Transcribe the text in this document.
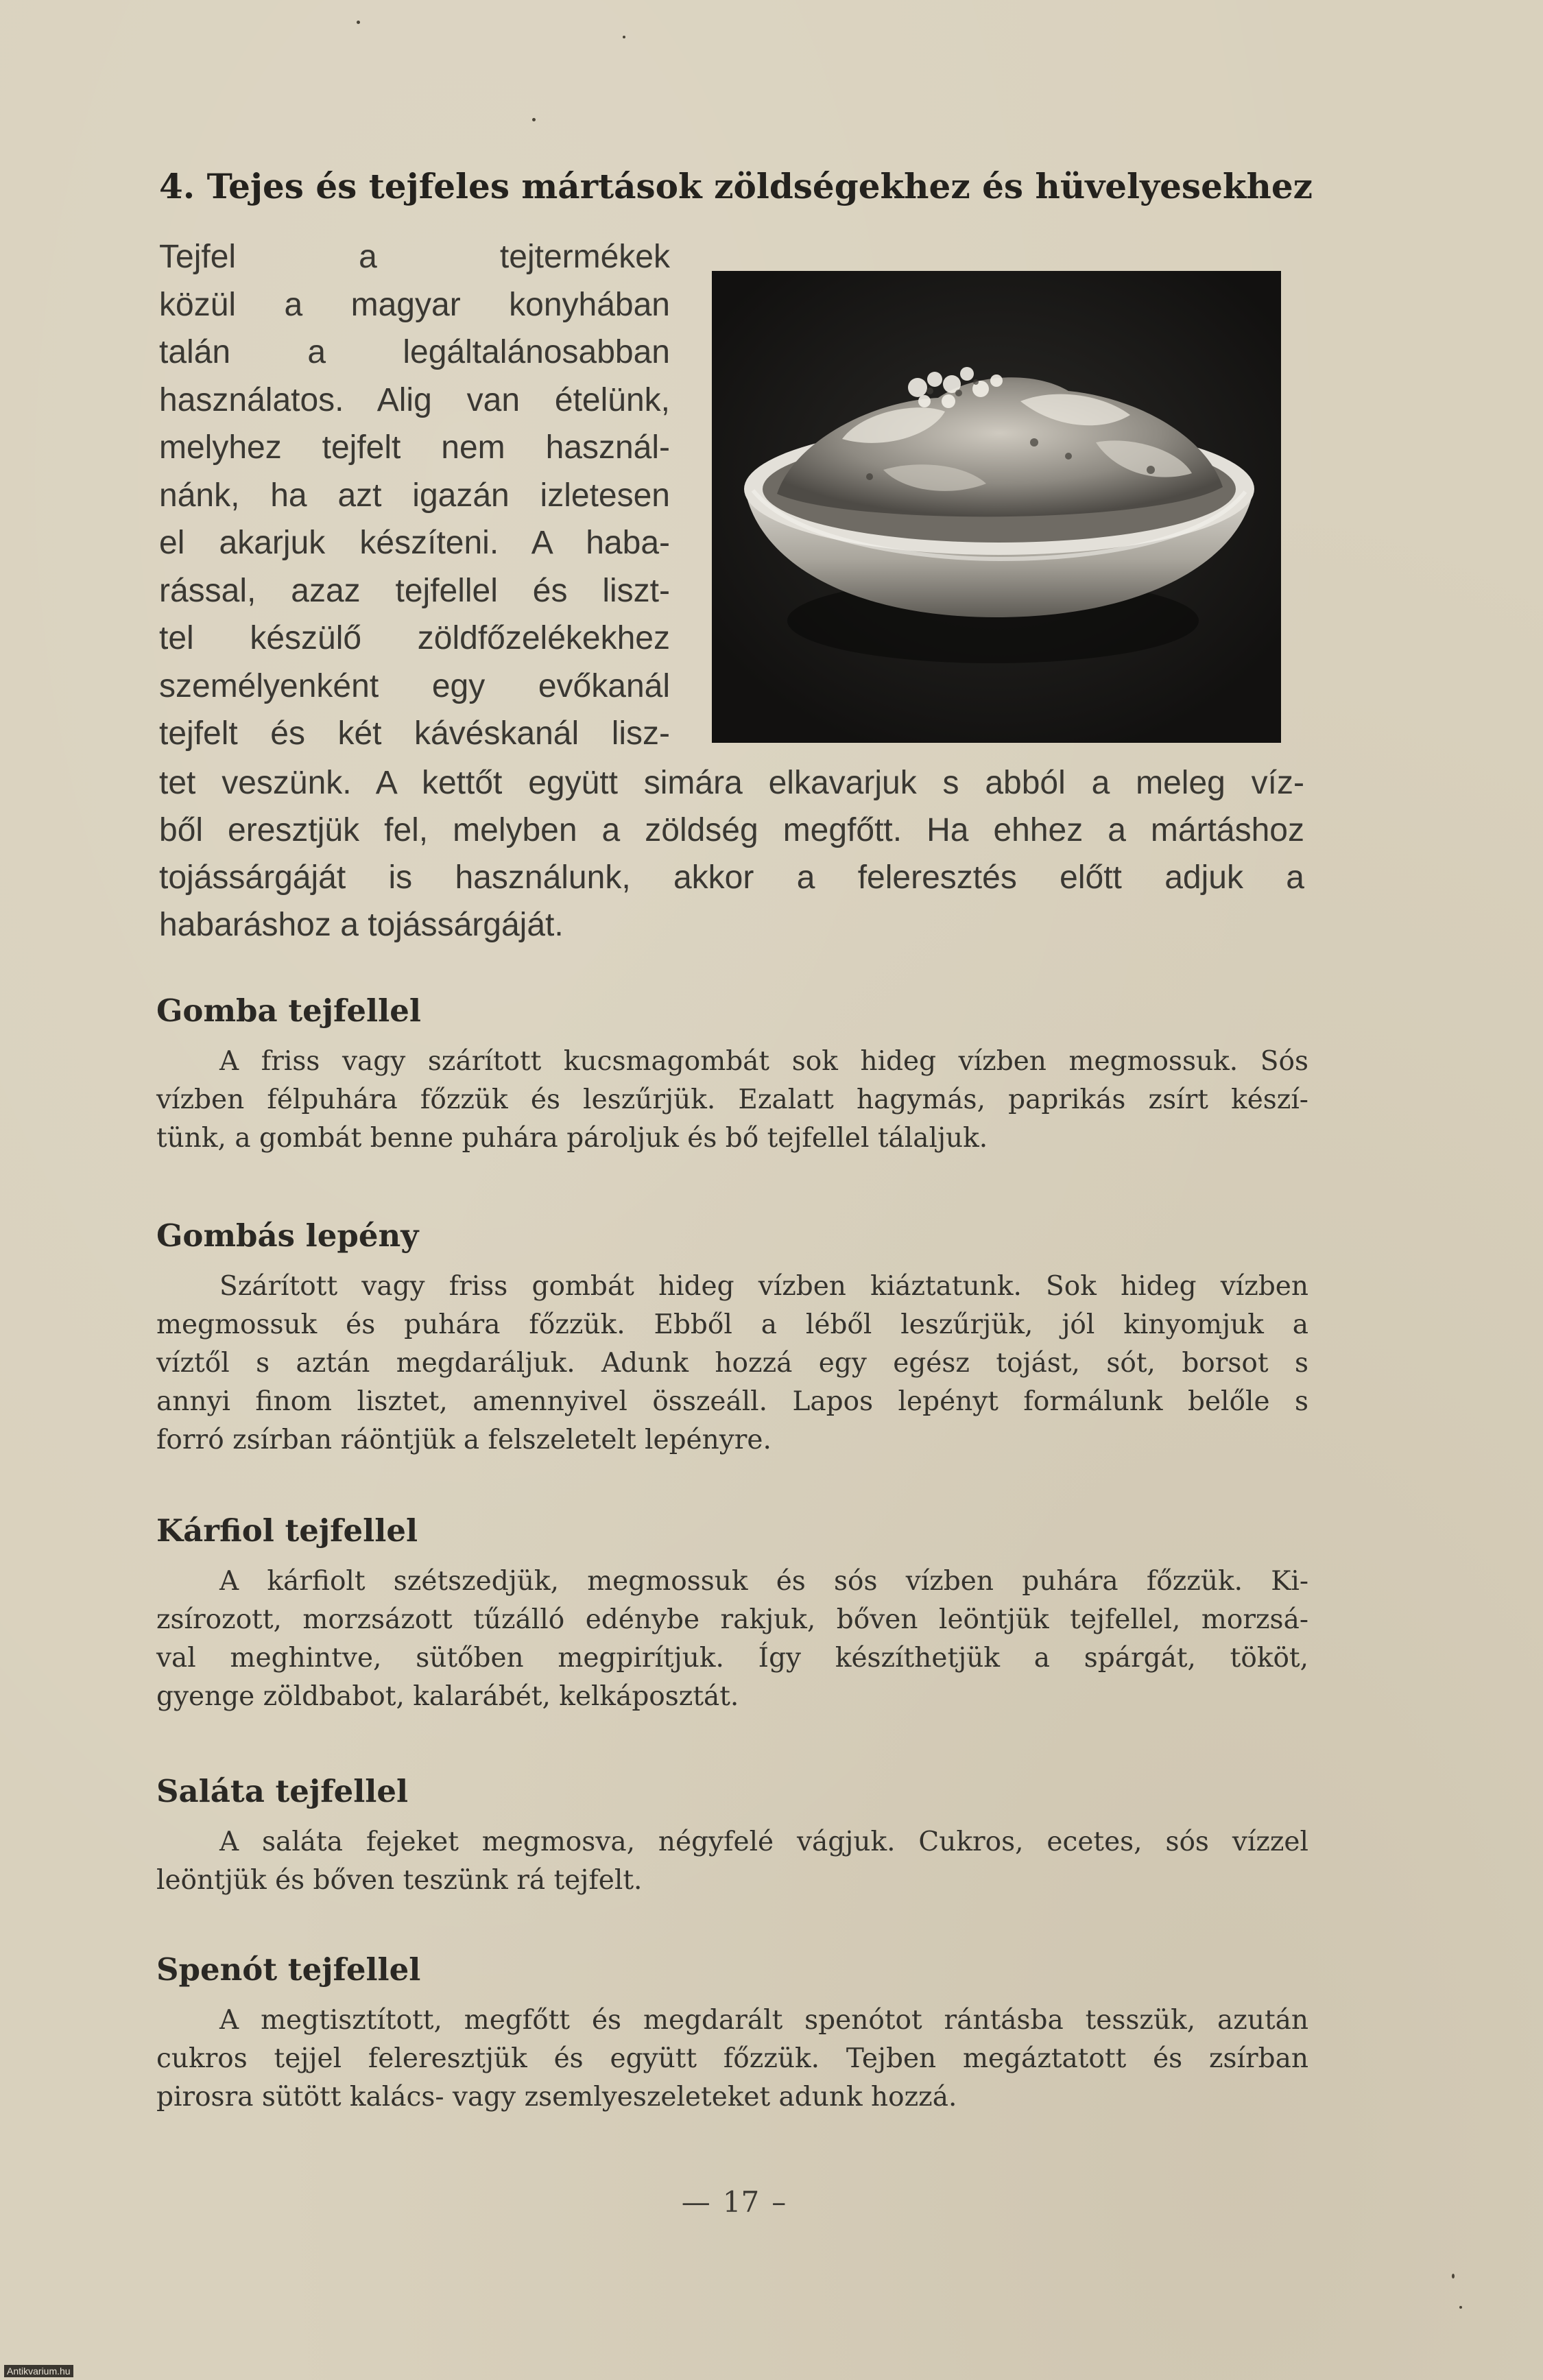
4. Tejes és tejfeles mártások zöldségekhez és hüvelyesekhez
Tejfel a tejtermékek
közül a magyar konyhában
talán a legáltalánosabban
használatos. Alig van ételünk,
melyhez tejfelt nem használ-
nánk, ha azt igazán izletesen
el akarjuk készíteni. A haba-
rással, azaz tejfellel és liszt-
tel készülő zöldfőzelékekhez
személyenként egy evőkanál
tejfelt és két kávéskanál lisz-
tet veszünk. A kettőt együtt simára elkavarjuk s abból a meleg víz-
ből eresztjük fel, melyben a zöldség megfőtt. Ha ehhez a mártáshoz
tojássárgáját is használunk, akkor a feleresztés előtt adjuk a
habaráshoz a tojássárgáját.
Gomba tejfellel
A friss vagy szárított kucsmagombát sok hideg vízben megmossuk. Sós
vízben félpuhára főzzük és leszűrjük. Ezalatt hagymás, paprikás zsírt készí-
tünk, a gombát benne puhára pároljuk és bő tejfellel tálaljuk.
Gombás lepény
Szárított vagy friss gombát hideg vízben kiáztatunk. Sok hideg vízben
megmossuk és puhára főzzük. Ebből a léből leszűrjük, jól kinyomjuk a
víztől s aztán megdaráljuk. Adunk hozzá egy egész tojást, sót, borsot s
annyi finom lisztet, amennyivel összeáll. Lapos lepényt formálunk belőle s
forró zsírban ráöntjük a felszeletelt lepényre.
Kárfiol tejfellel
A kárfiolt szétszedjük, megmossuk és sós vízben puhára főzzük. Ki-
zsírozott, morzsázott tűzálló edénybe rakjuk, bőven leöntjük tejfellel, morzsá-
val meghintve, sütőben megpirítjuk. Így készíthetjük a spárgát, tököt,
gyenge zöldbabot, kalarábét, kelkáposztát.
Saláta tejfellel
A saláta fejeket megmosva, négyfelé vágjuk. Cukros, ecetes, sós vízzel
leöntjük és bőven teszünk rá tejfelt.
Spenót tejfellel
A megtisztított, megfőtt és megdarált spenótot rántásba tesszük, azután
cukros tejjel feleresztjük és együtt főzzük. Tejben megáztatott és zsírban
pirosra sütött kalács- vagy zsemlyeszeleteket adunk hozzá.
— 17 –
Antikvarium.hu
